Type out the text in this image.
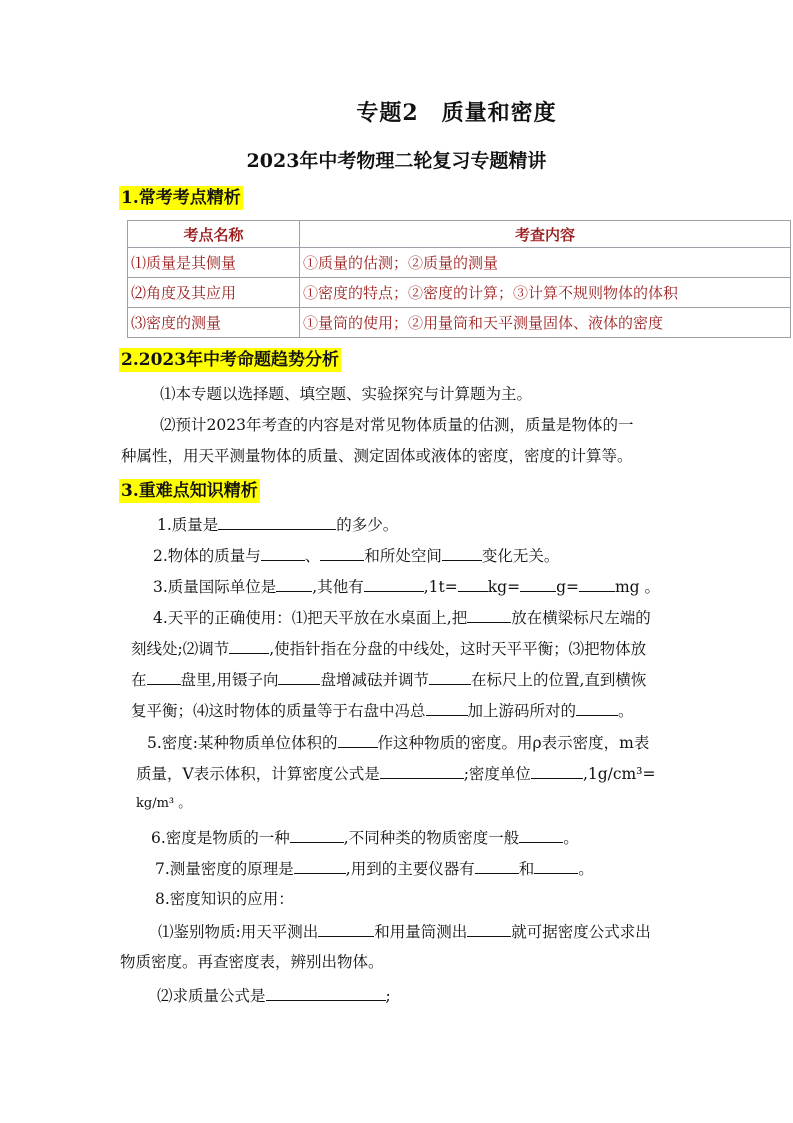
专题2　质量和密度
2023年中考物理二轮复习专题精讲
1.常考考点精析
考点名称	考查内容
⑴质量是其侧量	①质量的估测；②质量的测量
⑵角度及其应用	①密度的特点；②密度的计算；③计算不规则物体的体积
⑶密度的测量	①量筒的使用；②用量筒和天平测量固体、液体的密度
2.2023年中考命题趋势分析
⑴本专题以选择题、填空题、实验探究与计算题为主。
⑵预计2023年考查的内容是对常见物体质量的估测，质量是物体的一
种属性，用天平测量物体的质量、测定固体或液体的密度，密度的计算等。
3.重难点知识精析
1.质量是	的多少。
2.物体的质量与	、	和所处空间	变化无关。
3.质量国际单位是 ,其他有	,1t= kg= g= mg 。
4.天平的正确使用：⑴把天平放在水桌面上,把	放在横梁标尺左端的
刻线处;⑵调节	,使指针指在分盘的中线处，这时天平平衡；⑶把物体放
在 盘里,用镊子向	盘增减砝并调节	在标尺上的位置,直到横恢
复平衡；⑷这时物体的质量等于右盘中冯总	加上游码所对的	。
5.密度:某种物质单位体积的	作这种物质的密度。用ρ表示密度，m表
质量，V表示体积，计算密度公式是	;密度单位	,1g/cm³=
kg/m³ 。
6.密度是物质的一种	,不同种类的物质密度一般	。
7.测量密度的原理是	,用到的主要仪器有	和	。
8.密度知识的应用：
⑴鉴别物质:用天平测出	和用量筒测出	就可据密度公式求出
物质密度。再查密度表，辨别出物体。
⑵求质量公式是	;
